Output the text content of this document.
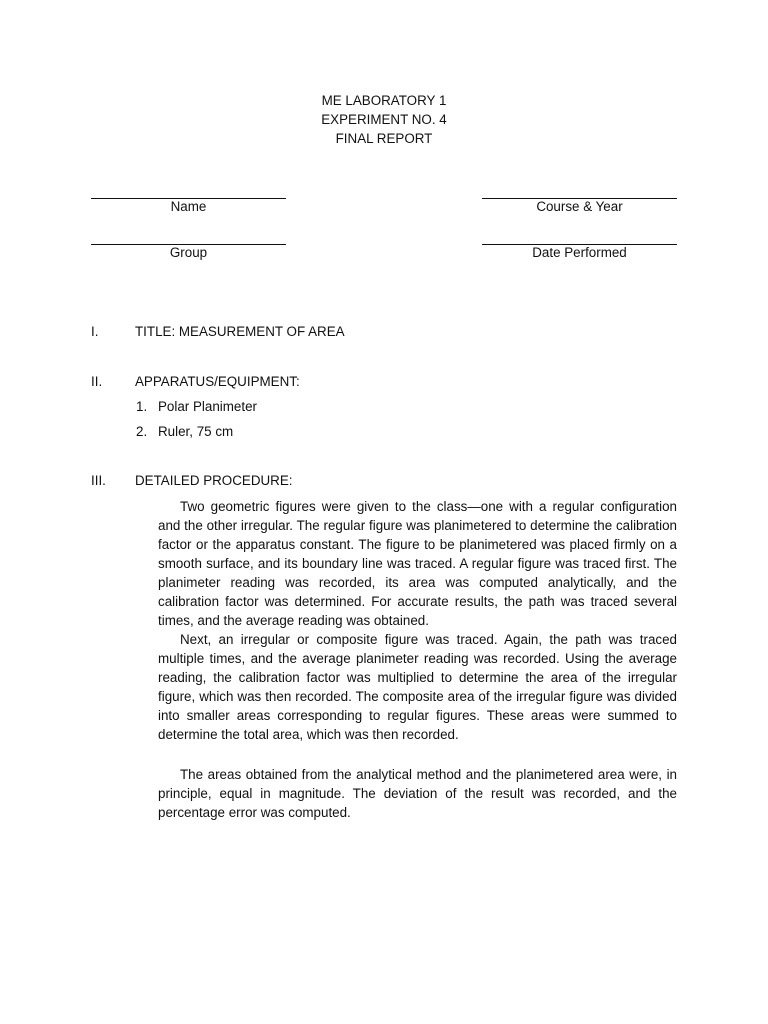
ME LABORATORY 1
EXPERIMENT NO. 4
FINAL REPORT
Name	Course & Year
Group	Date Performed
I.	TITLE: MEASUREMENT OF AREA
II.	APPARATUS/EQUIPMENT:
1. Polar Planimeter
2. Ruler, 75 cm
III.	DETAILED PROCEDURE:

Two geometric figures were given to the class—one with a regular configuration and the other irregular. The regular figure was planimetered to determine the calibration factor or the apparatus constant. The figure to be planimetered was placed firmly on a smooth surface, and its boundary line was traced. A regular figure was traced first. The planimeter reading was recorded, its area was computed analytically, and the calibration factor was determined. For accurate results, the path was traced several times, and the average reading was obtained.

Next, an irregular or composite figure was traced. Again, the path was traced multiple times, and the average planimeter reading was recorded. Using the average reading, the calibration factor was multiplied to determine the area of the irregular figure, which was then recorded. The composite area of the irregular figure was divided into smaller areas corresponding to regular figures. These areas were summed to determine the total area, which was then recorded.

The areas obtained from the analytical method and the planimetered area were, in principle, equal in magnitude. The deviation of the result was recorded, and the percentage error was computed.
